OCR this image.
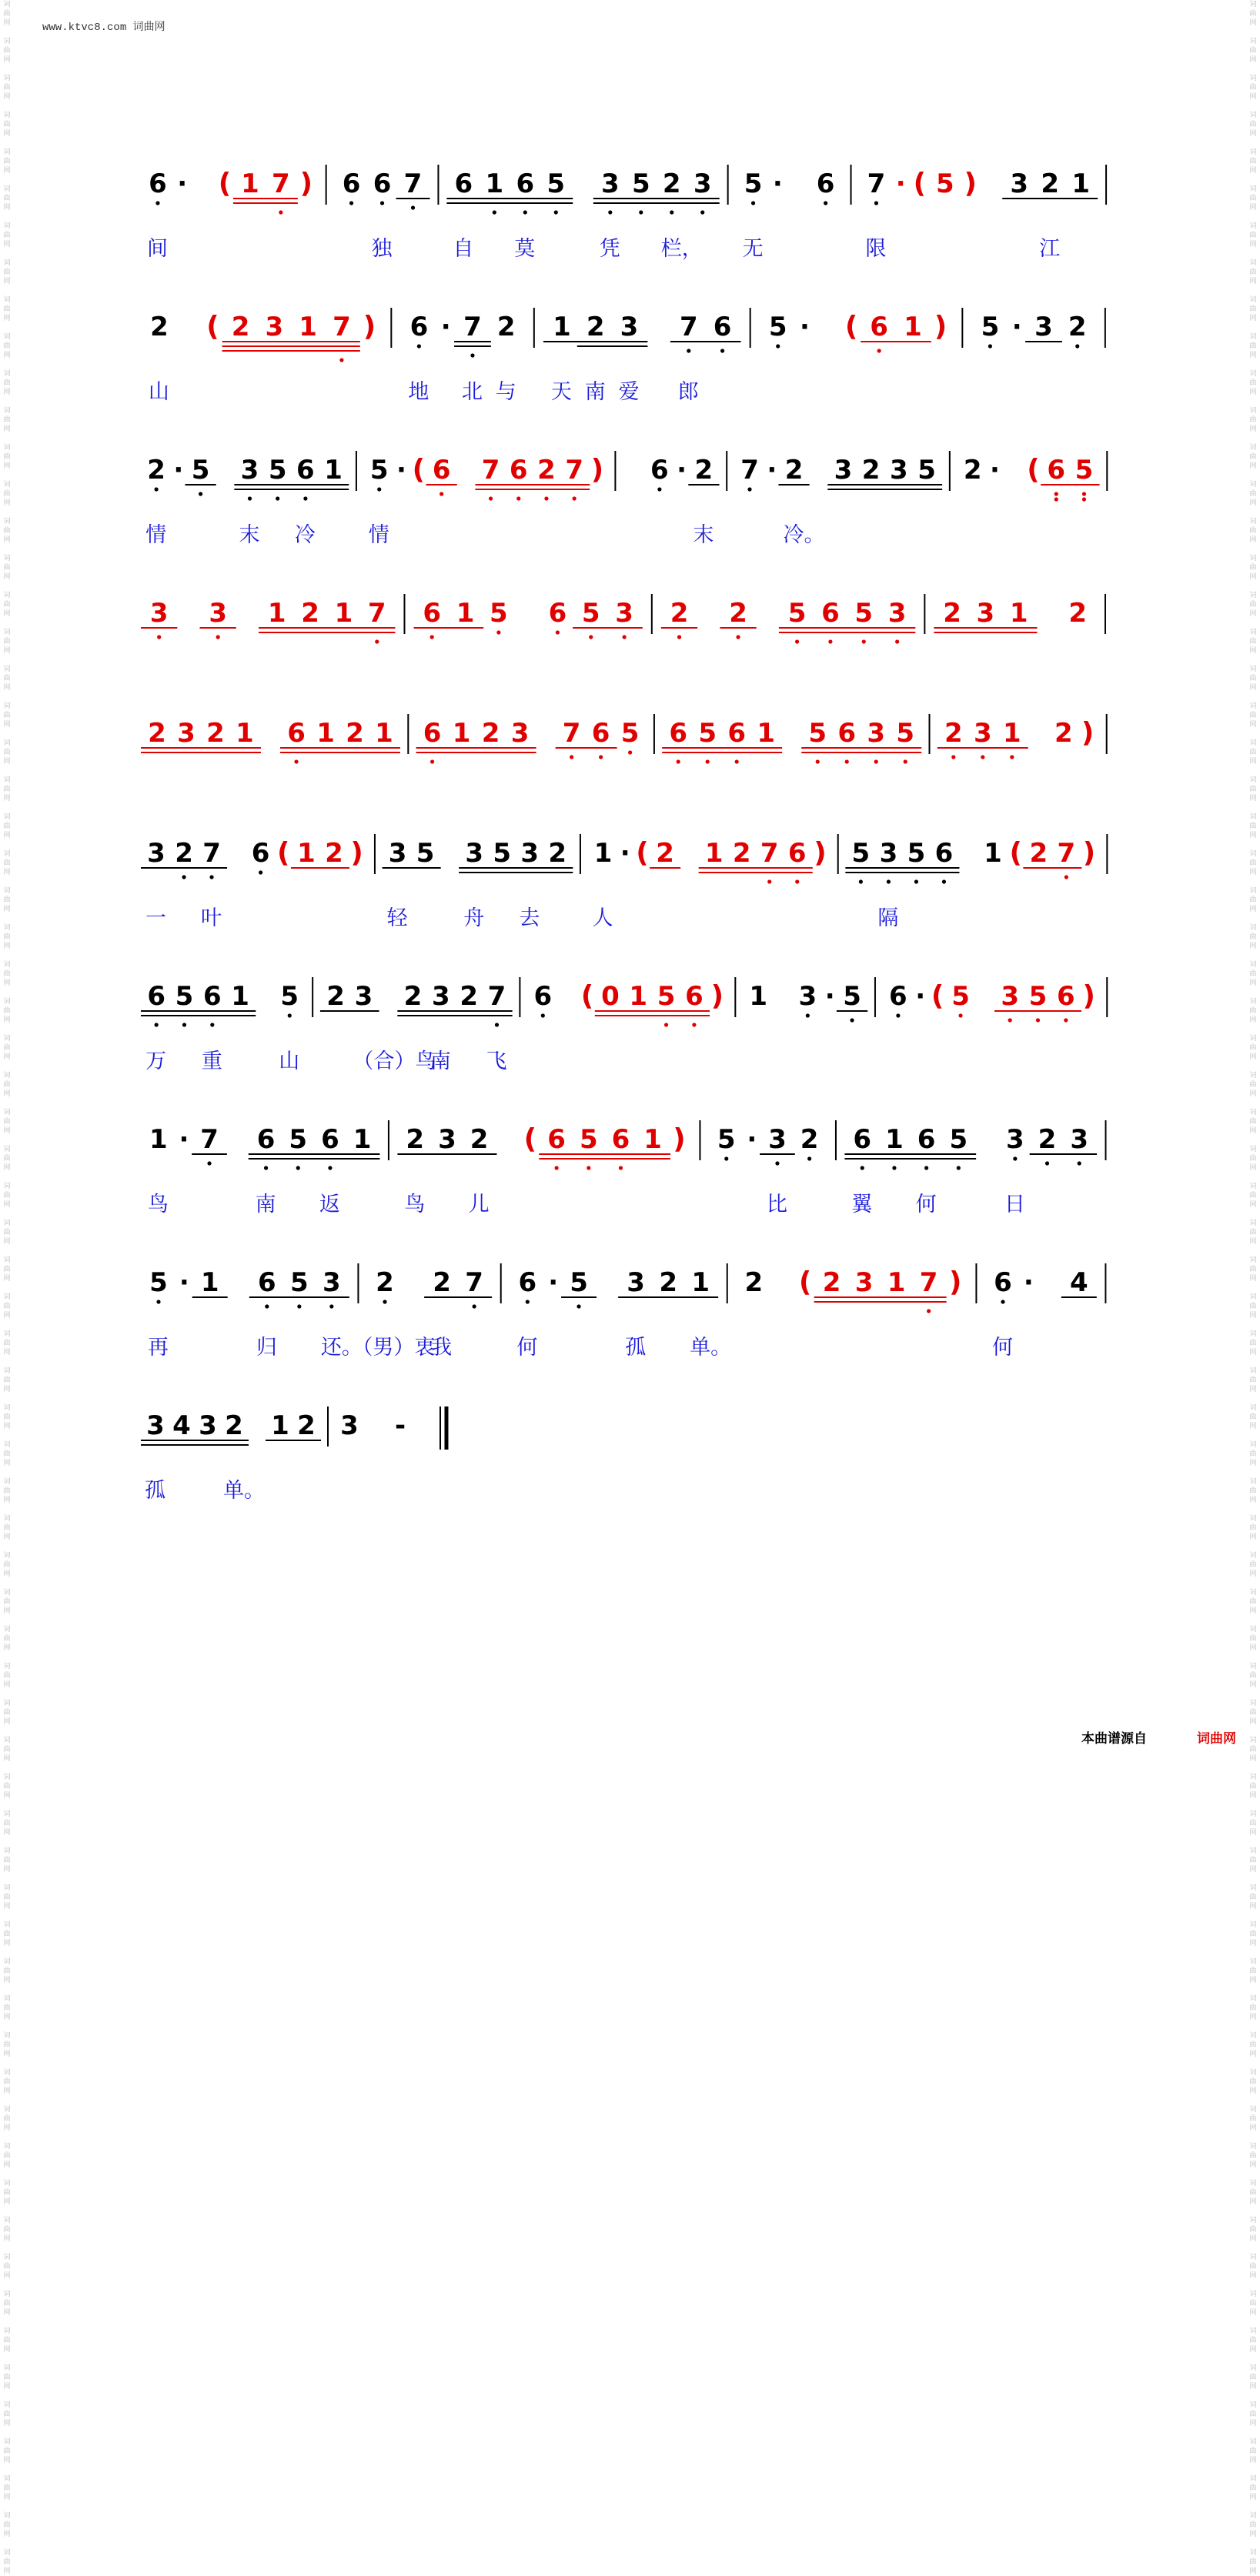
www.ktvc8.com 词曲网
词
曲
网

词
曲
网

词
曲
网

词
曲
网

词
曲
网

词
曲
网

词
曲
网

词
曲
网

词
曲
网

词
曲
网

词
曲
网

词
曲
网

词
曲
网

词
曲
网

词
曲
网

词
曲
网

词
曲
网

词
曲
网

词
曲
网

词
曲
网

词
曲
网

词
曲
网

词
曲
网

词
曲
网

词
曲
网

词
曲
网

词
曲
网

词
曲
网

词
曲
网

词
曲
网

词
曲
网

词
曲
网

词
曲
网

词
曲
网

词
曲
网

词
曲
网

词
曲
网

词
曲
网

词
曲
网

词
曲
网

词
曲
网

词
曲
网

词
曲
网

词
曲
网

词
曲
网

词
曲
网

词
曲
网

词
曲
网

词
曲
网

词
曲
网

词
曲
网

词
曲
网

词
曲
网

词
曲
网

词
曲
网

词
曲
网

词
曲
网

词
曲
网

词
曲
网

词
曲
网

词
曲
网

词
曲
网

词
曲
网

词
曲
网

词
曲
网

词
曲
网

词
曲
网

词
曲
网

词
曲
网

词
曲
网

词
曲
网

词
曲
网

词
曲
网

词
曲
网

词
曲
网

词
曲
网

词
曲
网

词
曲
网

词
曲
网

词
曲
网

词
曲
网

词
曲
网

词
曲
网

词
曲
网

词
曲
网

词
曲
网

词
曲
网

词
曲
网

词
曲
网

词
曲
网

词
曲
网

词
曲
网

词
曲
网

词
曲
网

词
曲
网

词
曲
网

词
曲
网

词
曲
网

词
曲
网

词
曲
网

词
曲
网

词
曲
网

词
曲
网

词
曲
网

词
曲
网

词
曲
网

词
曲
网

词
曲
网

词
曲
网

词
曲
网

词
曲
网

词
曲
网

词
曲
网

词
曲
网

词
曲
网

词
曲
网

词
曲
网

词
曲
网

词
曲
网

词
曲
网

词
曲
网

词
曲
网

词
曲
网

词
曲
网

词
曲
网

词
曲
网

词
曲
网

词
曲
网

词
曲
网

词
曲
网

词
曲
网

词
曲
网

词
曲
网

词
曲
网

词
曲
网

词
曲
网

词
曲
网

词
曲
网

词
曲
网

词
曲
网

6 · ( 1 7 ) 6 6 7 6 1 6 5 3 5 2 3 5 · 6 7 · ( 5 ) 3 2 1
间	独	自 莫	凭 栏， 无	限	江
2 ( 2 3 1 7 ) 6 · 7 2 1 2 3 7 6 5 · ( 6 1 ) 5 · 3 2
山	地 北 与 天 南 爱 郎
2 · 5 3 5 6 1 5 · ( 6 7 6 2 7 ) 6 · 2 7 · 2 3 2 3 5 2 · ( 6 5
情	末 冷	情	末	冷。
3 3 1 2 1 7 6 1 5 6 5 3 2 2 5 6 5 3 2 3 1 2
2 3 2 1 6 1 2 1 6 1 2 3 7 6 5 6 5 6 1 5 6 3 5 2 3 1 2 )
3 2 7 6 ( 1 2 ) 3 5 3 5 3 2 1 · ( 2 1 2 7 6 ) 5 3 5 6 1 ( 2 7 )
一 叶	轻	舟 去	人	隔
6 5 6 1 5 2 3 2 3 2 7 6 ( 0 1 5 6 ) 1 3 · 5 6 · ( 5 3 5 6 )
万 重	山	（合）鸟
南 飞
1 · 7 6 5 6 1 2 3 2 ( 6 5 6 1 ) 5 · 3 2 6 1 6 5 3 2 3
鸟	南 返	鸟 儿	比	翼 何	日
5 · 1 6 5 3 2 2 7 6 · 5 3 2 1 2 ( 2 3 1 7 ) 6 · 4
再	归 还。（男）衷
我	何	孤 单。	何
3 4 3 2 1 2 3 -
孤	单。
本曲谱源自	词曲网
